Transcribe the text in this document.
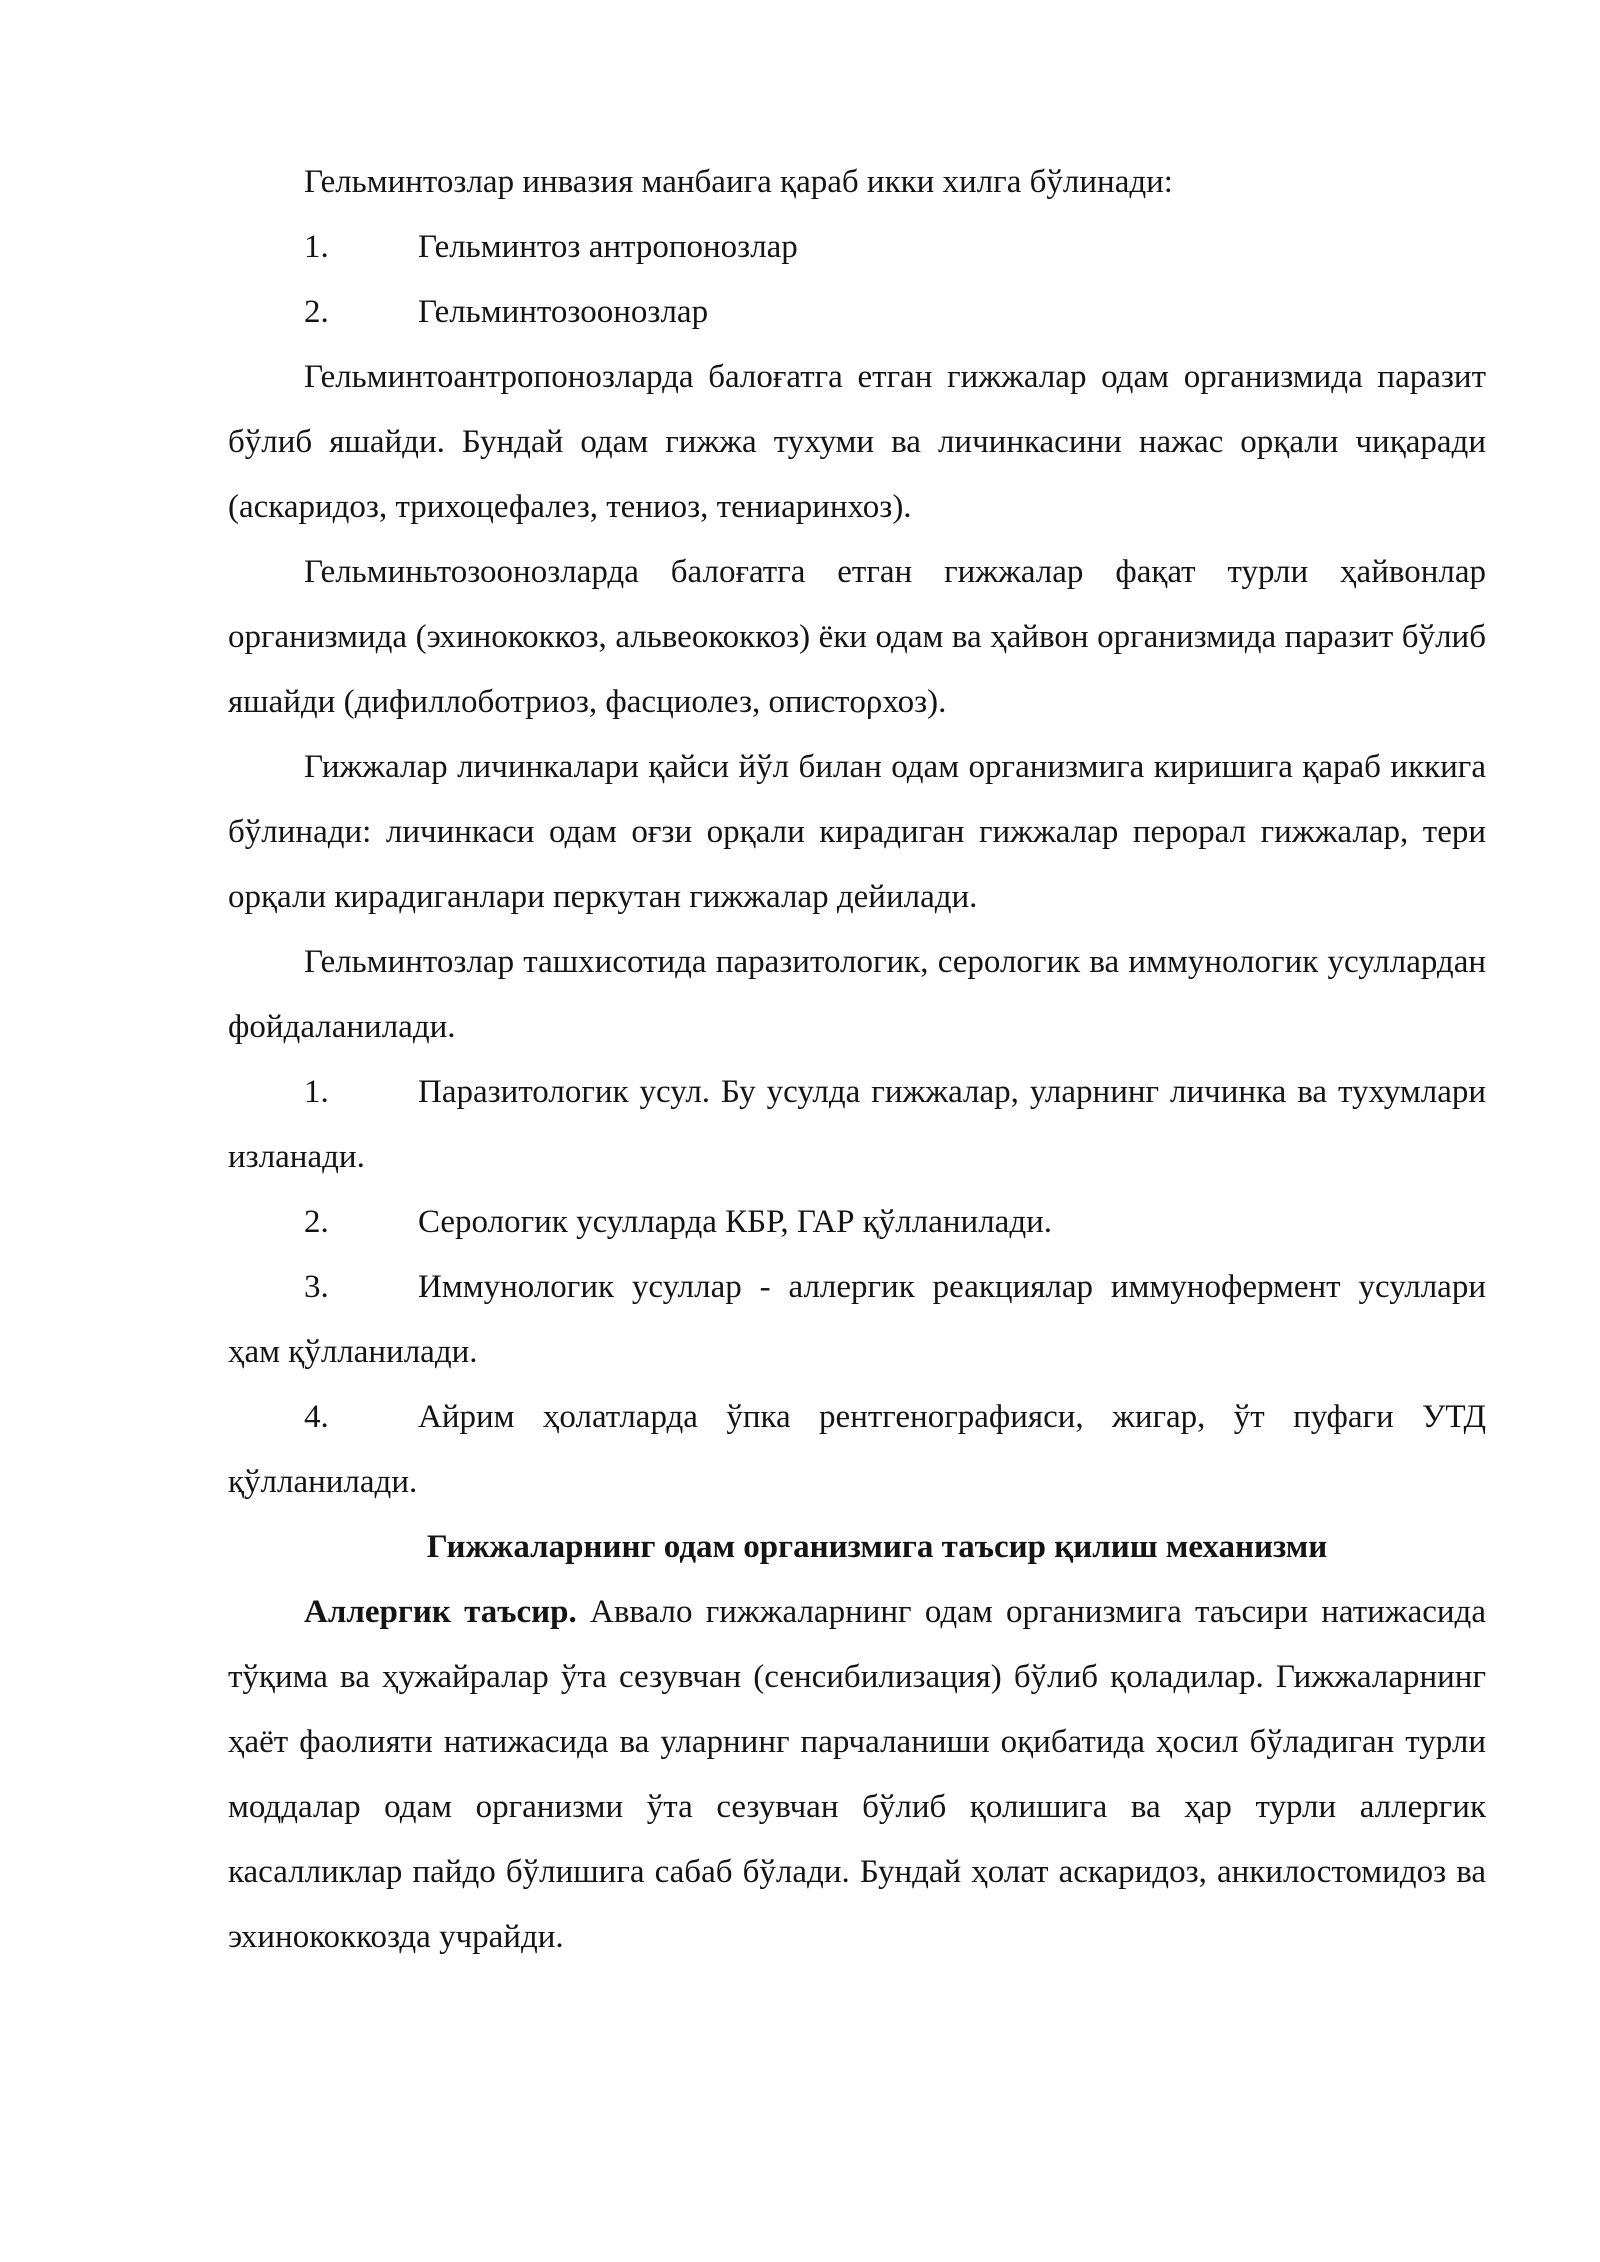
Гельминтозлар инвазия манбаига қараб икки хилга бўлинади:

1.	Гельминтоз антропонозлар

2.	Гельминтозоонозлар

Гельминтоантропонозларда балоғатга етган гижжалар одам организмида паразит бўлиб яшайди. Бундай одам гижжа тухуми ва личинкасини нажас орқали чиқаради (аскаридоз, трихоцефалез, тениоз, тениаринхоз).

Гельминьтозоонозларда балоғатга етган гижжалар фақат турли ҳайвонлар организмида (эхинококкоз, альвеококкоз) ёки одам ва ҳайвон организмида паразит бўлиб яшайди (дифиллоботриоз, фасциолез, опистορхоз).

Гижжалар личинкалари қайси йўл билан одам организмига киришига қараб иккига бўлинади: личинкаси одам оғзи орқали кирадиган гижжалар перорал гижжалар, тери орқали кирадиганлари перкутан гижжалар дейилади.

Гельминтозлар ташхисотида паразитологик, серологик ва иммунологик усуллардан фойдаланилади.

1.	Паразитологик усул. Бу усулда гижжалар, уларнинг личинка ва тухумлари изланади.

2.	Серологик усулларда КБР, ГАР қўлланилади.

3.	Иммунологик усуллар - аллергик реакциялар иммунофермент усуллари ҳам қўлланилади.

4.	Айрим ҳолатларда ўпка рентгенографияси, жигар, ўт пуфаги УТД қўлланилади.

Гижжаларнинг одам организмига таъсир қилиш механизми

Аллергик таъсир. Аввало гижжаларнинг одам организмига таъсири натижасида тўқима ва ҳужайралар ўта сезувчан (сенсибилизация) бўлиб қоладилар. Гижжаларнинг ҳаёт фаолияти натижасида ва уларнинг парчаланиши оқибатида ҳосил бўладиган турли моддалар одам организми ўта сезувчан бўлиб қолишига ва ҳар турли аллергик касалликлар пайдо бўлишига сабаб бўлади. Бундай ҳолат аскаридоз, анкилостомидоз ва эхинококкозда учрайди.
